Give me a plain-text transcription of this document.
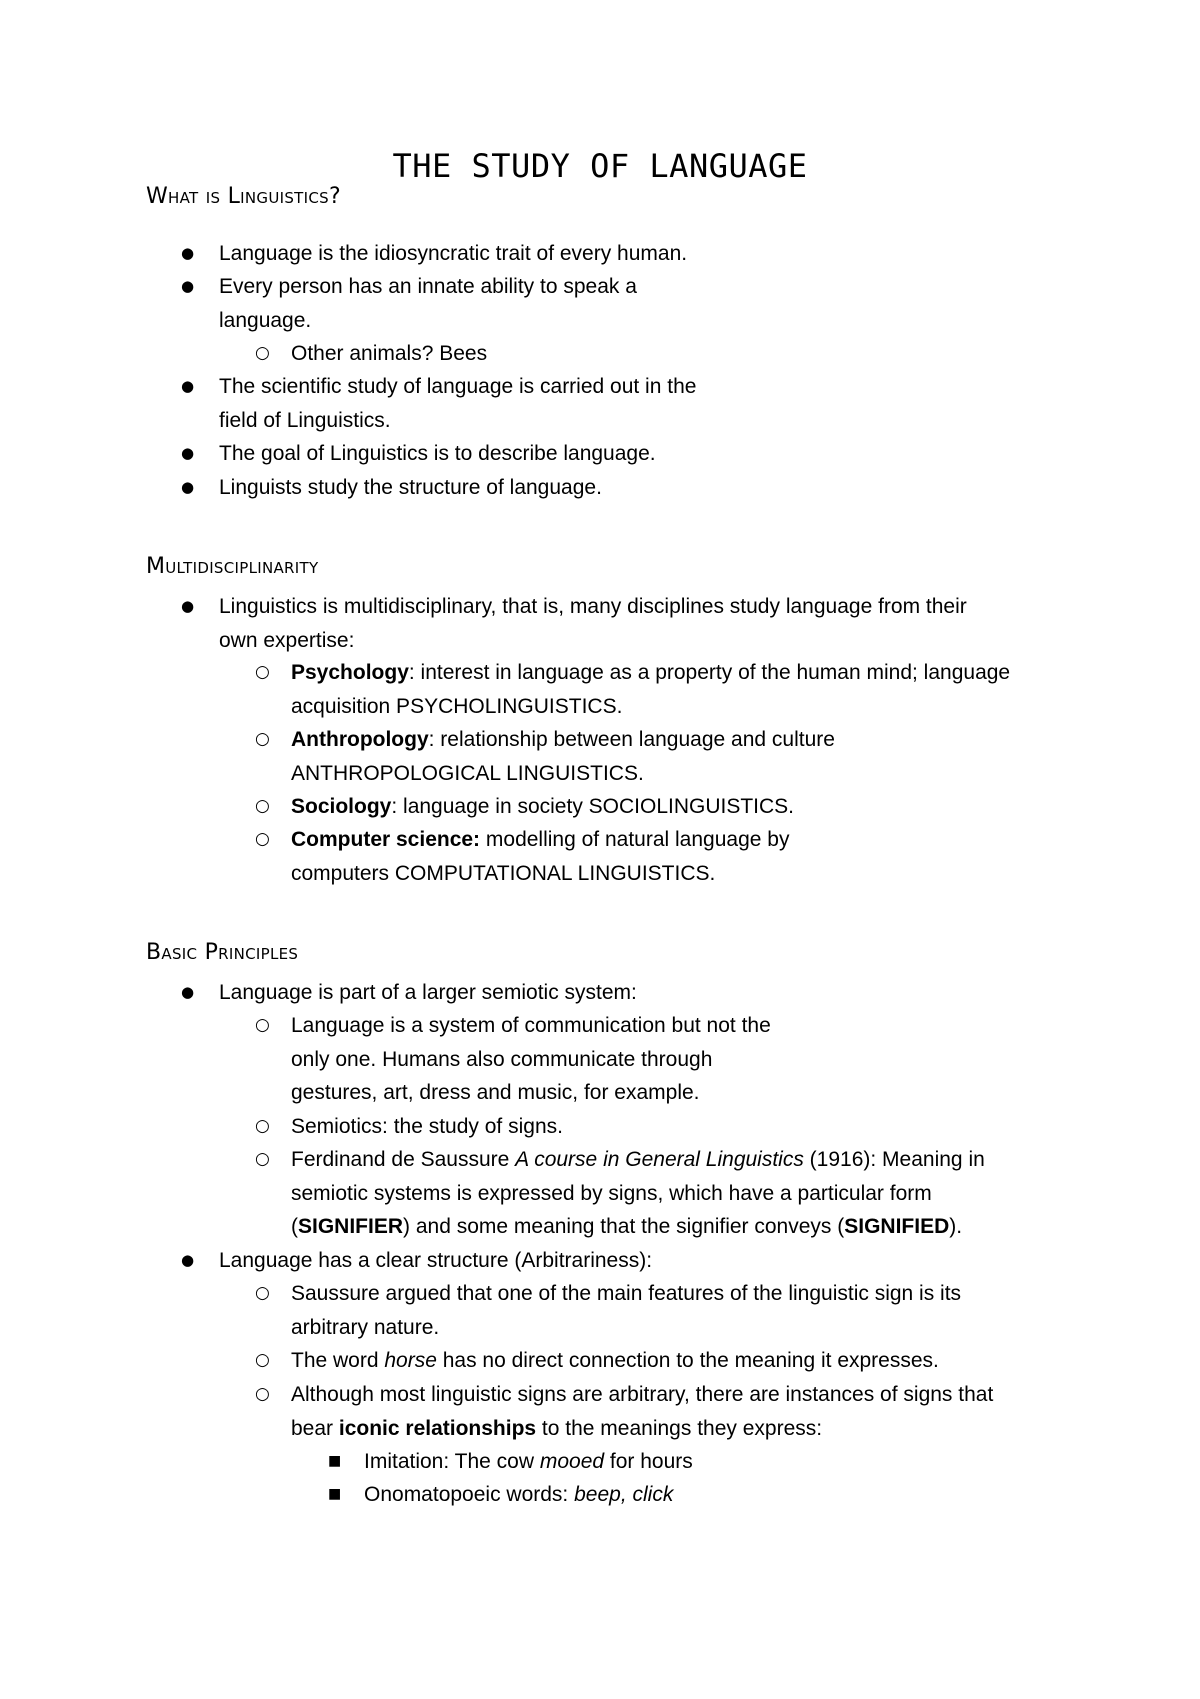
THE STUDY OF LANGUAGE
What is Linguistics?
● Language is the idiosyncratic trait of every human.
● Every person has an innate ability to speak a
language.
○ Other animals? Bees
● The scientific study of language is carried out in the
field of Linguistics.
● The goal of Linguistics is to describe language.
● Linguists study the structure of language.
Multidisciplinarity
● Linguistics is multidisciplinary, that is, many disciplines study language from their
own expertise:
○ Psychology: interest in language as a property of the human mind; language
acquisition PSYCHOLINGUISTICS.
○ Anthropology: relationship between language and culture
ANTHROPOLOGICAL LINGUISTICS.
○ Sociology: language in society SOCIOLINGUISTICS.
○ Computer science: modelling of natural language by
computers COMPUTATIONAL LINGUISTICS.
Basic Principles
● Language is part of a larger semiotic system:
○ Language is a system of communication but not the
only one. Humans also communicate through
gestures, art, dress and music, for example.
○ Semiotics: the study of signs.
○ Ferdinand de Saussure A course in General Linguistics (1916): Meaning in
semiotic systems is expressed by signs, which have a particular form
(SIGNIFIER) and some meaning that the signifier conveys (SIGNIFIED).
● Language has a clear structure (Arbitrariness):
○ Saussure argued that one of the main features of the linguistic sign is its
arbitrary nature.
○ The word horse has no direct connection to the meaning it expresses.
○ Although most linguistic signs are arbitrary, there are instances of signs that
bear iconic relationships to the meanings they express:
■ Imitation: The cow mooed for hours
■ Onomatopoeic words: beep, click
